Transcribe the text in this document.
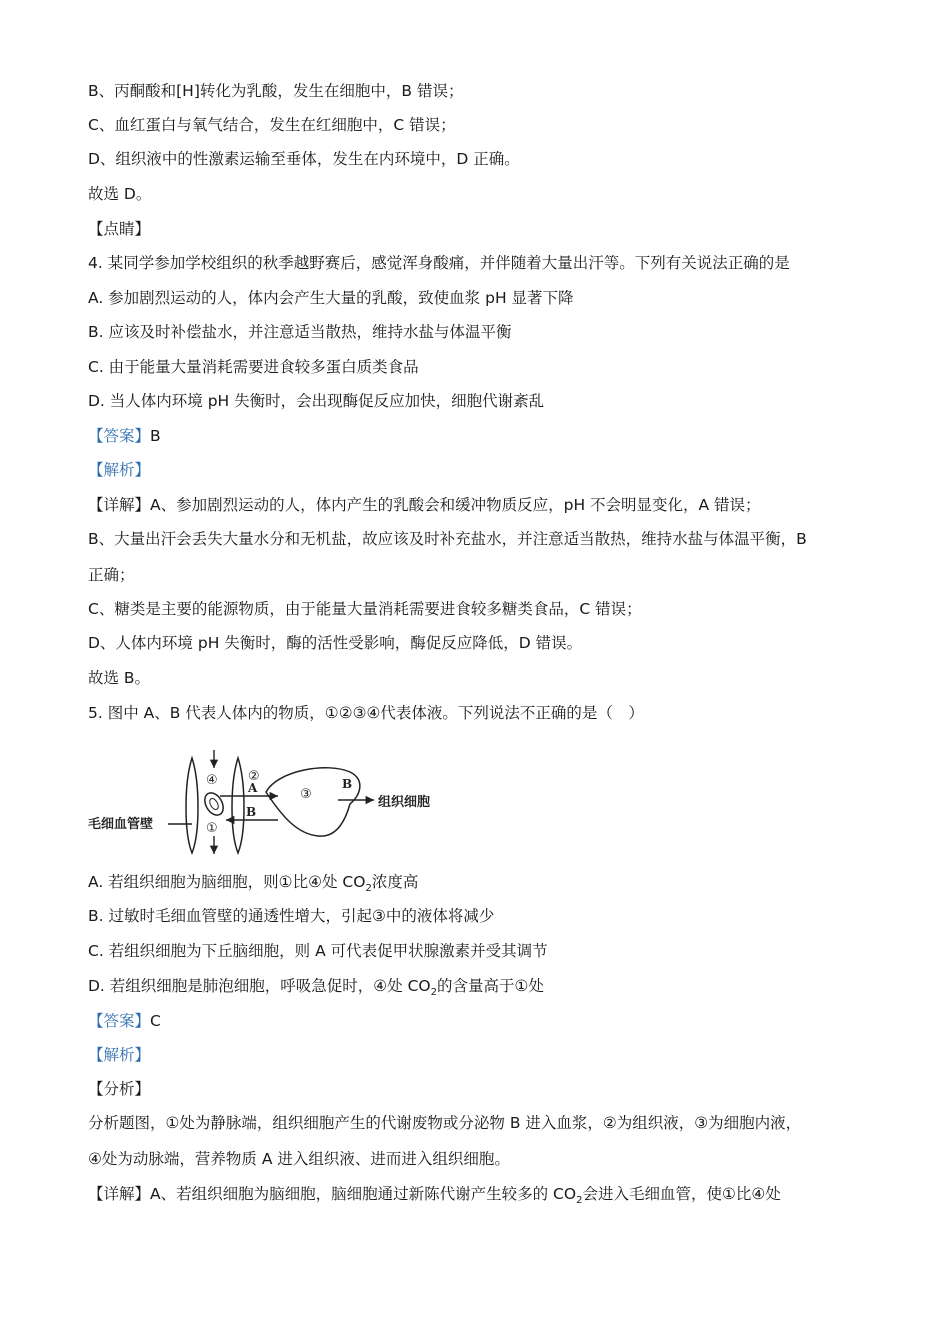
B、丙酮酸和[H]转化为乳酸，发生在细胞中，B 错误；
C、血红蛋白与氧气结合，发生在红细胞中，C 错误；
D、组织液中的性激素运输至垂体，发生在内环境中，D 正确。
故选 D。
【点睛】
4. 某同学参加学校组织的秋季越野赛后，感觉浑身酸痛，并伴随着大量出汗等。下列有关说法正确的是
A. 参加剧烈运动的人，体内会产生大量的乳酸，致使血浆 pH 显著下降
B. 应该及时补偿盐水，并注意适当散热，维持水盐与体温平衡
C. 由于能量大量消耗需要进食较多蛋白质类食品
D. 当人体内环境 pH 失衡时，会出现酶促反应加快，细胞代谢紊乱
【答案】B
【解析】
【详解】A、参加剧烈运动的人，体内产生的乳酸会和缓冲物质反应，pH 不会明显变化，A 错误；
B、大量出汗会丢失大量水分和无机盐，故应该及时补充盐水，并注意适当散热，维持水盐与体温平衡，B
正确；
C、糖类是主要的能源物质，由于能量大量消耗需要进食较多糖类食品，C 错误；
D、人体内环境 pH 失衡时，酶的活性受影响，酶促反应降低，D 错误。
故选 B。
5. 图中 A、B 代表人体内的物质，①②③④代表体液。下列说法不正确的是（　）
毛细血管壁
④
①
②
A
B
③
B
组织细胞
A. 若组织细胞为脑细胞，则①比④处 $CO_2$浓度高
B. 过敏时毛细血管壁的通透性增大，引起③中的液体将减少
C. 若组织细胞为下丘脑细胞，则 A 可代表促甲状腺激素并受其调节
D. 若组织细胞是肺泡细胞，呼吸急促时，④处 $CO_2$的含量高于①处
【答案】C
【解析】
【分析】
分析题图，①处为静脉端，组织细胞产生的代谢废物或分泌物 B 进入血浆，②为组织液，③为细胞内液，
④处为动脉端，营养物质 A 进入组织液、进而进入组织细胞。
【详解】A、若组织细胞为脑细胞，脑细胞通过新陈代谢产生较多的 $CO_2$会进入毛细血管，使①比④处
